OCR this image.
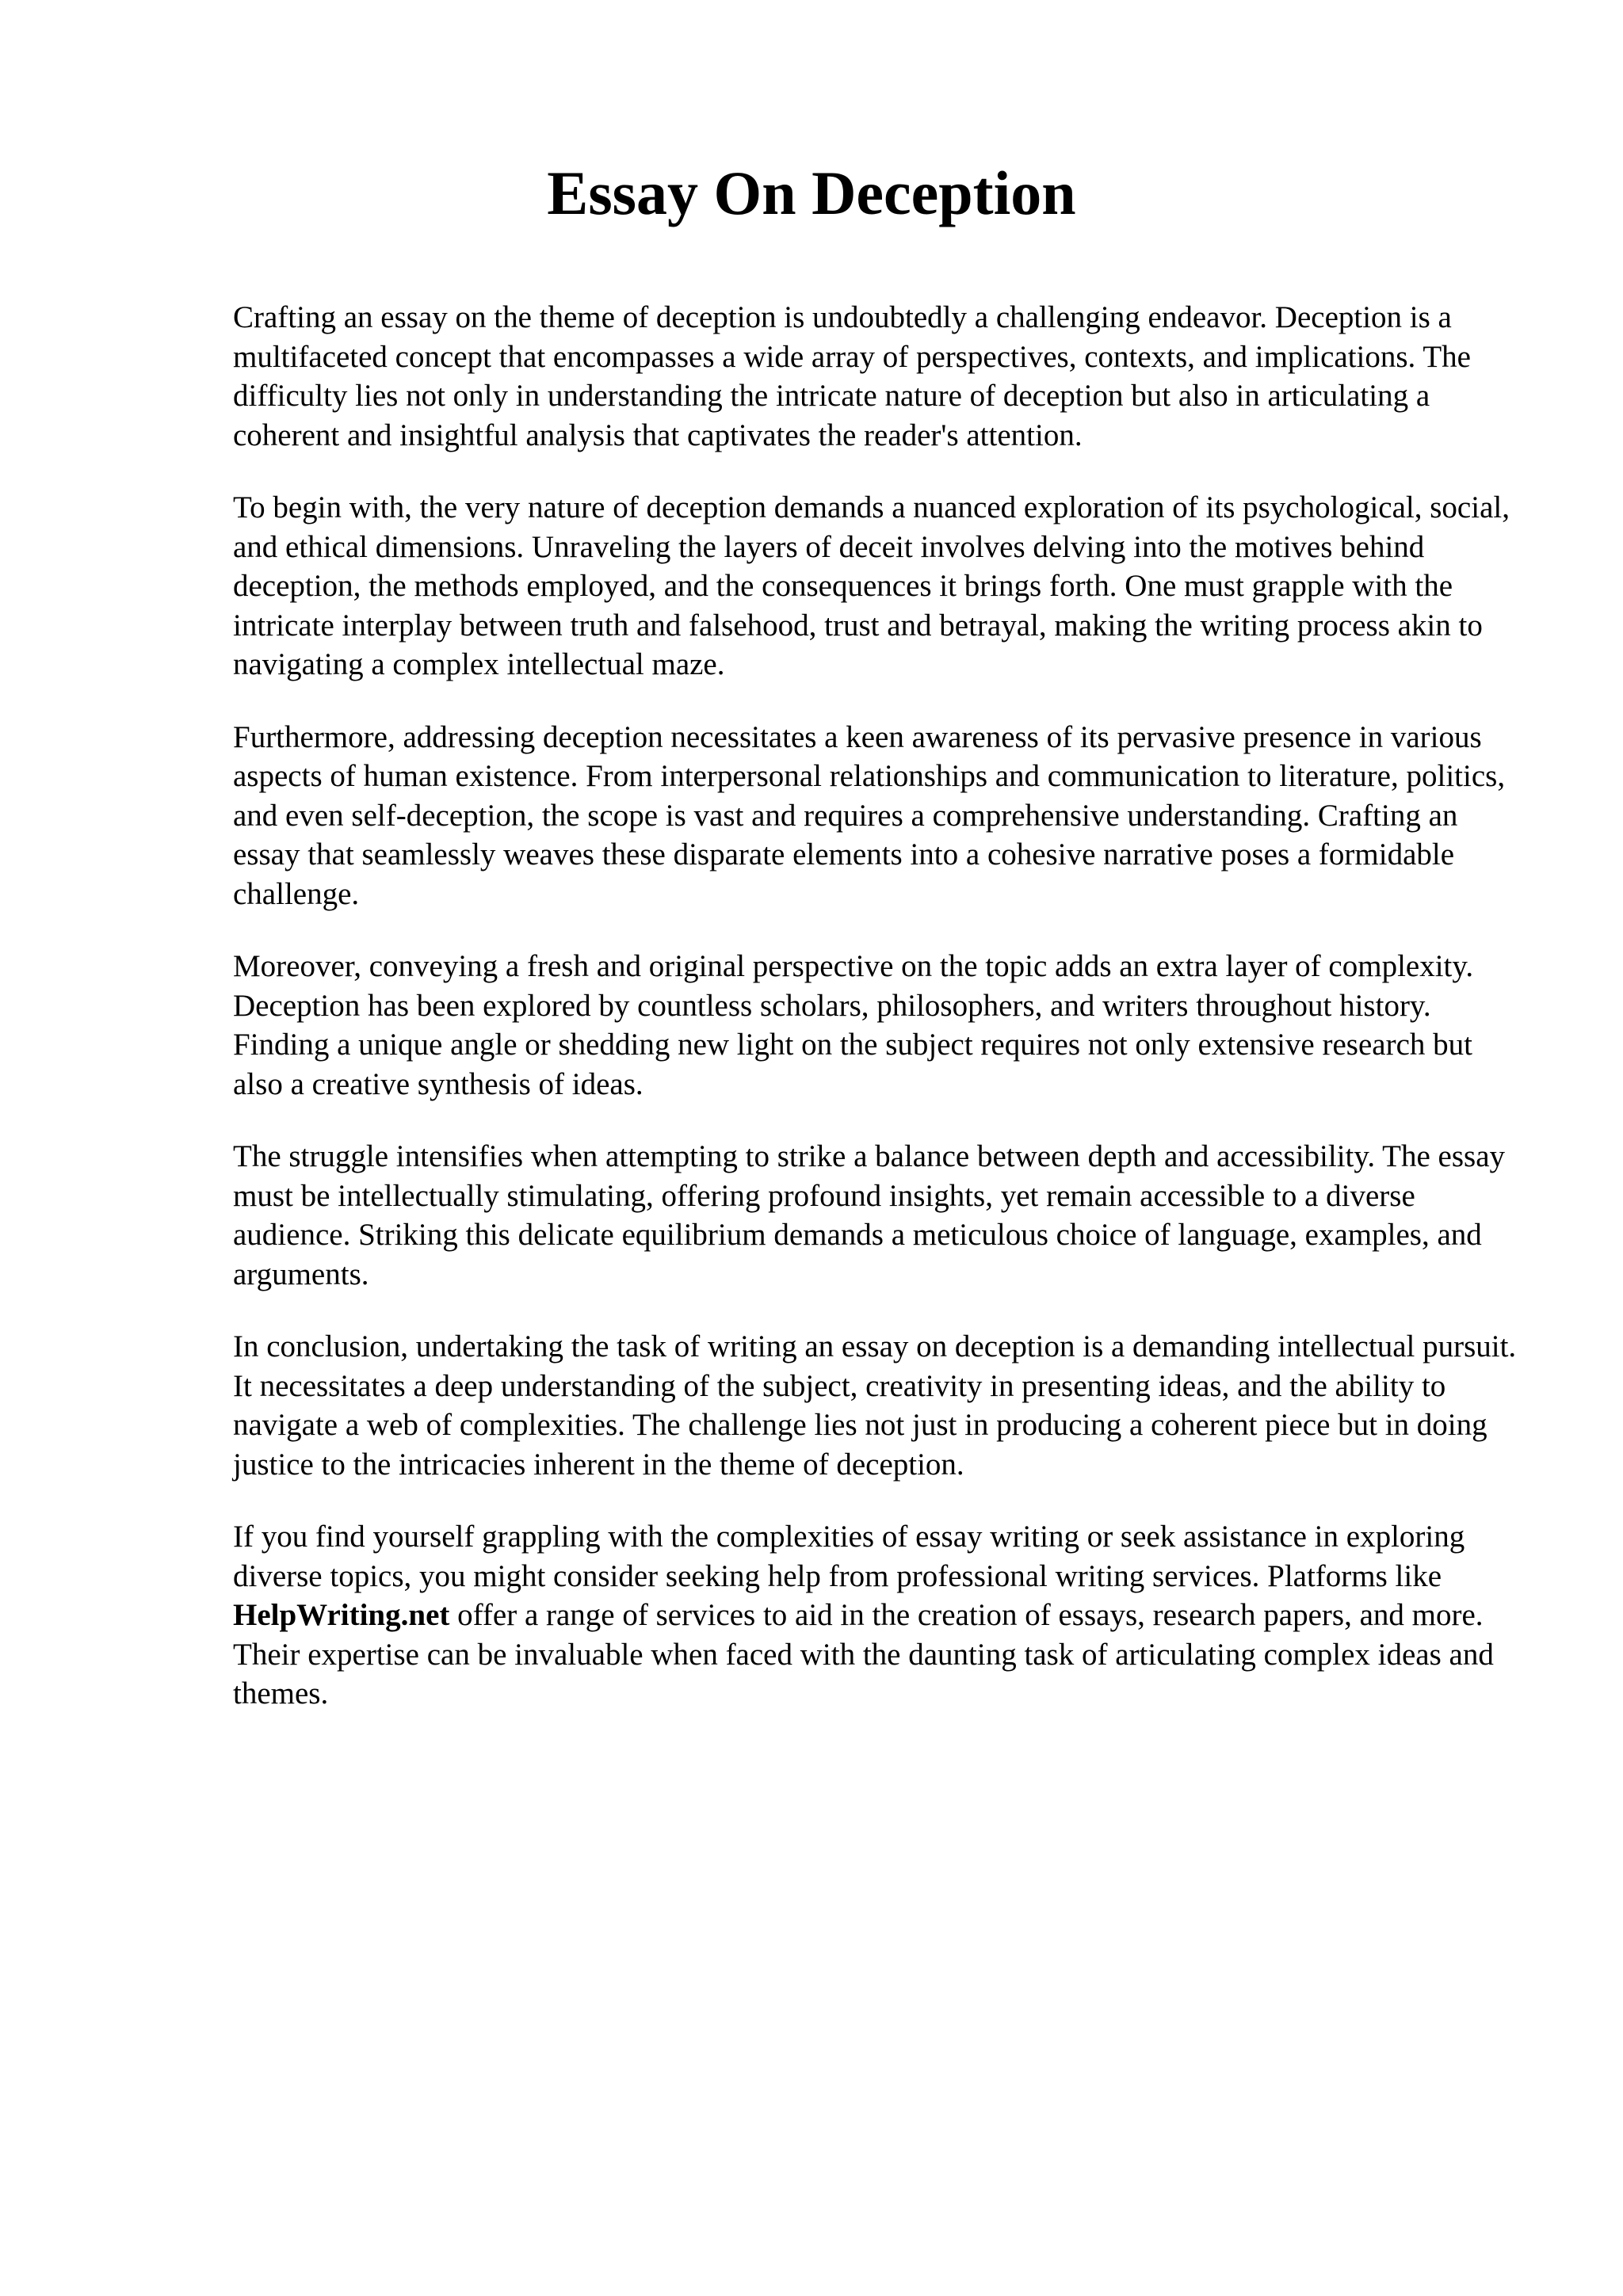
Essay On Deception

Crafting an essay on the theme of deception is undoubtedly a challenging endeavor. Deception is a multifaceted concept that encompasses a wide array of perspectives, contexts, and implications. The difficulty lies not only in understanding the intricate nature of deception but also in articulating a coherent and insightful analysis that captivates the reader's attention.

To begin with, the very nature of deception demands a nuanced exploration of its psychological, social, and ethical dimensions. Unraveling the layers of deceit involves delving into the motives behind deception, the methods employed, and the consequences it brings forth. One must grapple with the intricate interplay between truth and falsehood, trust and betrayal, making the writing process akin to navigating a complex intellectual maze.

Furthermore, addressing deception necessitates a keen awareness of its pervasive presence in various aspects of human existence. From interpersonal relationships and communication to literature, politics, and even self-deception, the scope is vast and requires a comprehensive understanding. Crafting an essay that seamlessly weaves these disparate elements into a cohesive narrative poses a formidable challenge.

Moreover, conveying a fresh and original perspective on the topic adds an extra layer of complexity. Deception has been explored by countless scholars, philosophers, and writers throughout history. Finding a unique angle or shedding new light on the subject requires not only extensive research but also a creative synthesis of ideas.

The struggle intensifies when attempting to strike a balance between depth and accessibility. The essay must be intellectually stimulating, offering profound insights, yet remain accessible to a diverse audience. Striking this delicate equilibrium demands a meticulous choice of language, examples, and arguments.

In conclusion, undertaking the task of writing an essay on deception is a demanding intellectual pursuit. It necessitates a deep understanding of the subject, creativity in presenting ideas, and the ability to navigate a web of complexities. The challenge lies not just in producing a coherent piece but in doing justice to the intricacies inherent in the theme of deception.

If you find yourself grappling with the complexities of essay writing or seek assistance in exploring diverse topics, you might consider seeking help from professional writing services. Platforms like HelpWriting.net offer a range of services to aid in the creation of essays, research papers, and more. Their expertise can be invaluable when faced with the daunting task of articulating complex ideas and themes.
